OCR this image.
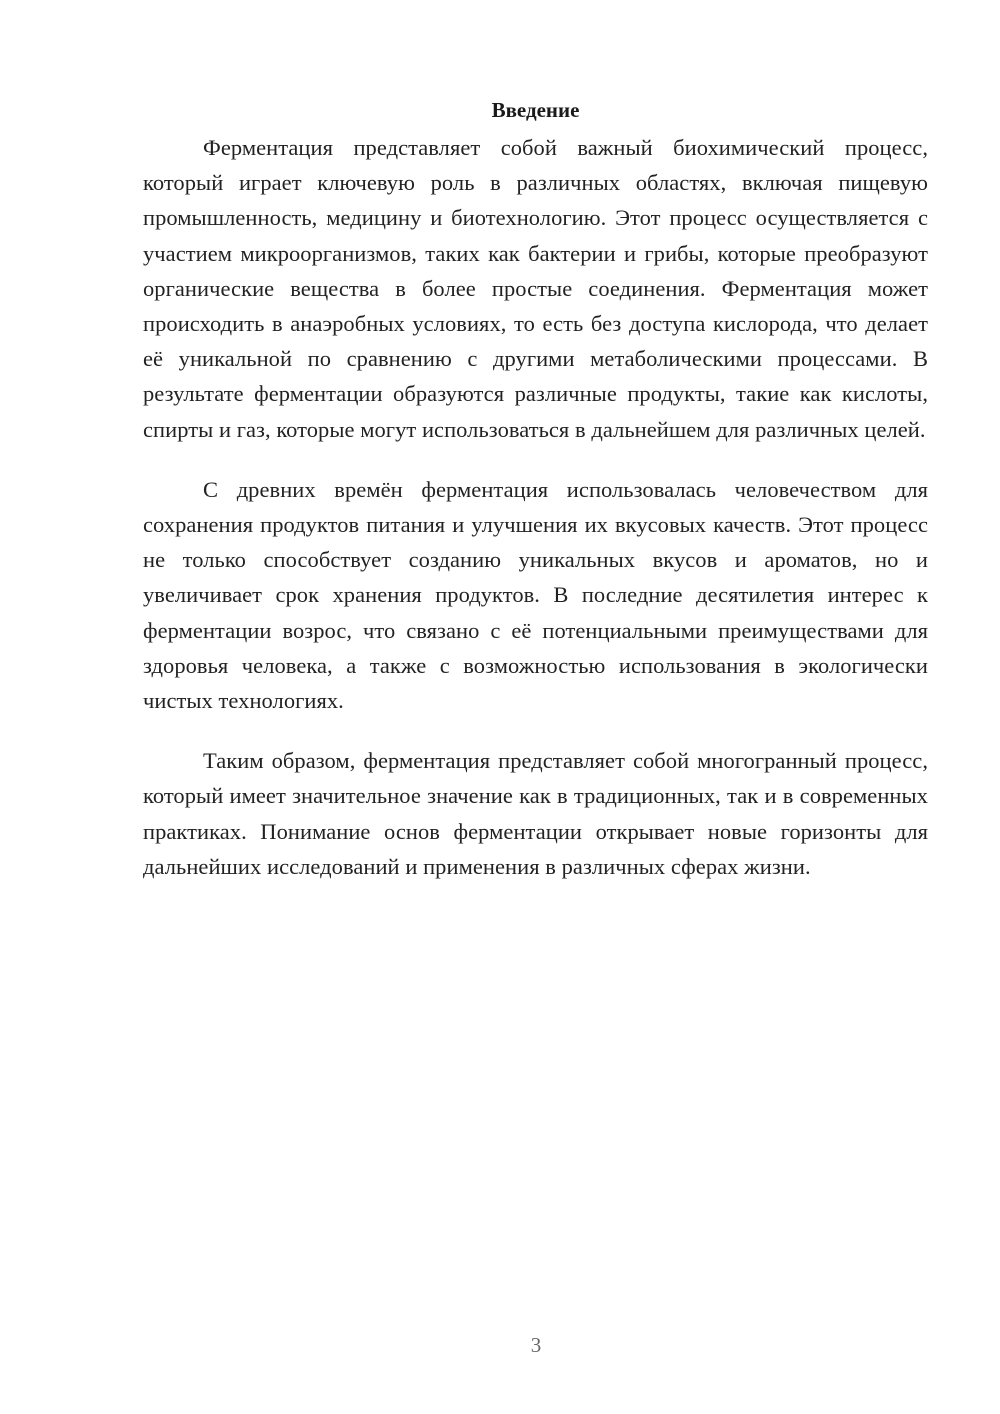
Введение

Ферментация представляет собой важный биохимический процесс, который играет ключевую роль в различных областях, включая пищевую промышленность, медицину и биотехнологию. Этот процесс осуществляется с участием микроорганизмов, таких как бактерии и грибы, которые преобразуют органические вещества в более простые соединения. Ферментация может происходить в анаэробных условиях, то есть без доступа кислорода, что делает её уникальной по сравнению с другими метаболическими процессами. В результате ферментации образуются различные продукты, такие как кислоты, спирты и газ, которые могут использоваться в дальнейшем для различных целей.

С древних времён ферментация использовалась человечеством для сохранения продуктов питания и улучшения их вкусовых качеств. Этот процесс не только способствует созданию уникальных вкусов и ароматов, но и увеличивает срок хранения продуктов. В последние десятилетия интерес к ферментации возрос, что связано с её потенциальными преимуществами для здоровья человека, а также с возможностью использования в экологически чистых технологиях.

Таким образом, ферментация представляет собой многогранный процесс, который имеет значительное значение как в традиционных, так и в современных практиках. Понимание основ ферментации открывает новые горизонты для дальнейших исследований и применения в различных сферах жизни.

3
